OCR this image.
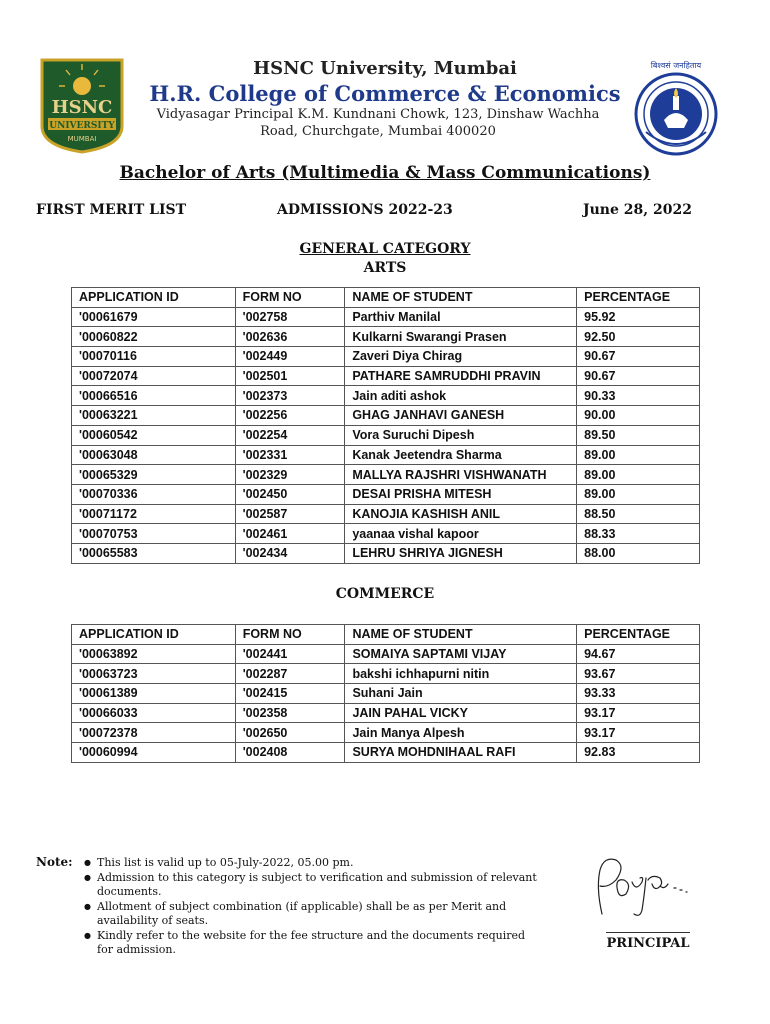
HSNC
UNIVERSITY
MUMBAI
HSNC University, Mumbai
H.R. College of Commerce & Economics
Vidyasagar Principal K.M. Kundnani Chowk, 123, Dinshaw Wachha
Road, Churchgate, Mumbai 400020
बिश्वसं जनहिताय
Bachelor of Arts (Multimedia & Mass Communications)
FIRST MERIT LIST	ADMISSIONS 2022-23	June 28, 2022
GENERAL CATEGORY
ARTS
APPLICATION ID	FORM NO	NAME OF STUDENT	PERCENTAGE
'00061679	'002758	Parthiv Manilal	95.92
'00060822	'002636	Kulkarni Swarangi Prasen	92.50
'00070116	'002449	Zaveri Diya Chirag	90.67
'00072074	'002501	PATHARE SAMRUDDHI PRAVIN	90.67
'00066516	'002373	Jain aditi ashok	90.33
'00063221	'002256	GHAG JANHAVI GANESH	90.00
'00060542	'002254	Vora Suruchi Dipesh	89.50
'00063048	'002331	Kanak Jeetendra Sharma	89.00
'00065329	'002329	MALLYA RAJSHRI VISHWANATH	89.00
'00070336	'002450	DESAI PRISHA MITESH	89.00
'00071172	'002587	KANOJIA KASHISH ANIL	88.50
'00070753	'002461	yaanaa vishal kapoor	88.33
'00065583	'002434	LEHRU SHRIYA JIGNESH	88.00
COMMERCE
APPLICATION ID	FORM NO	NAME OF STUDENT	PERCENTAGE
'00063892	'002441	SOMAIYA SAPTAMI VIJAY	94.67
'00063723	'002287	bakshi ichhapurni nitin	93.67
'00061389	'002415	Suhani Jain	93.33
'00066033	'002358	JAIN PAHAL VICKY	93.17
'00072378	'002650	Jain Manya Alpesh	93.17
'00060994	'002408	SURYA MOHDNIHAAL RAFI	92.83
Note:	● This list is valid up to 05-July-2022, 05.00 pm.
● Admission to this category is subject to verification and submission of relevant documents.
● Allotment of subject combination (if applicable) shall be as per Merit and availability of seats.
● Kindly refer to the website for the fee structure and the documents required for admission.	PRINCIPAL
